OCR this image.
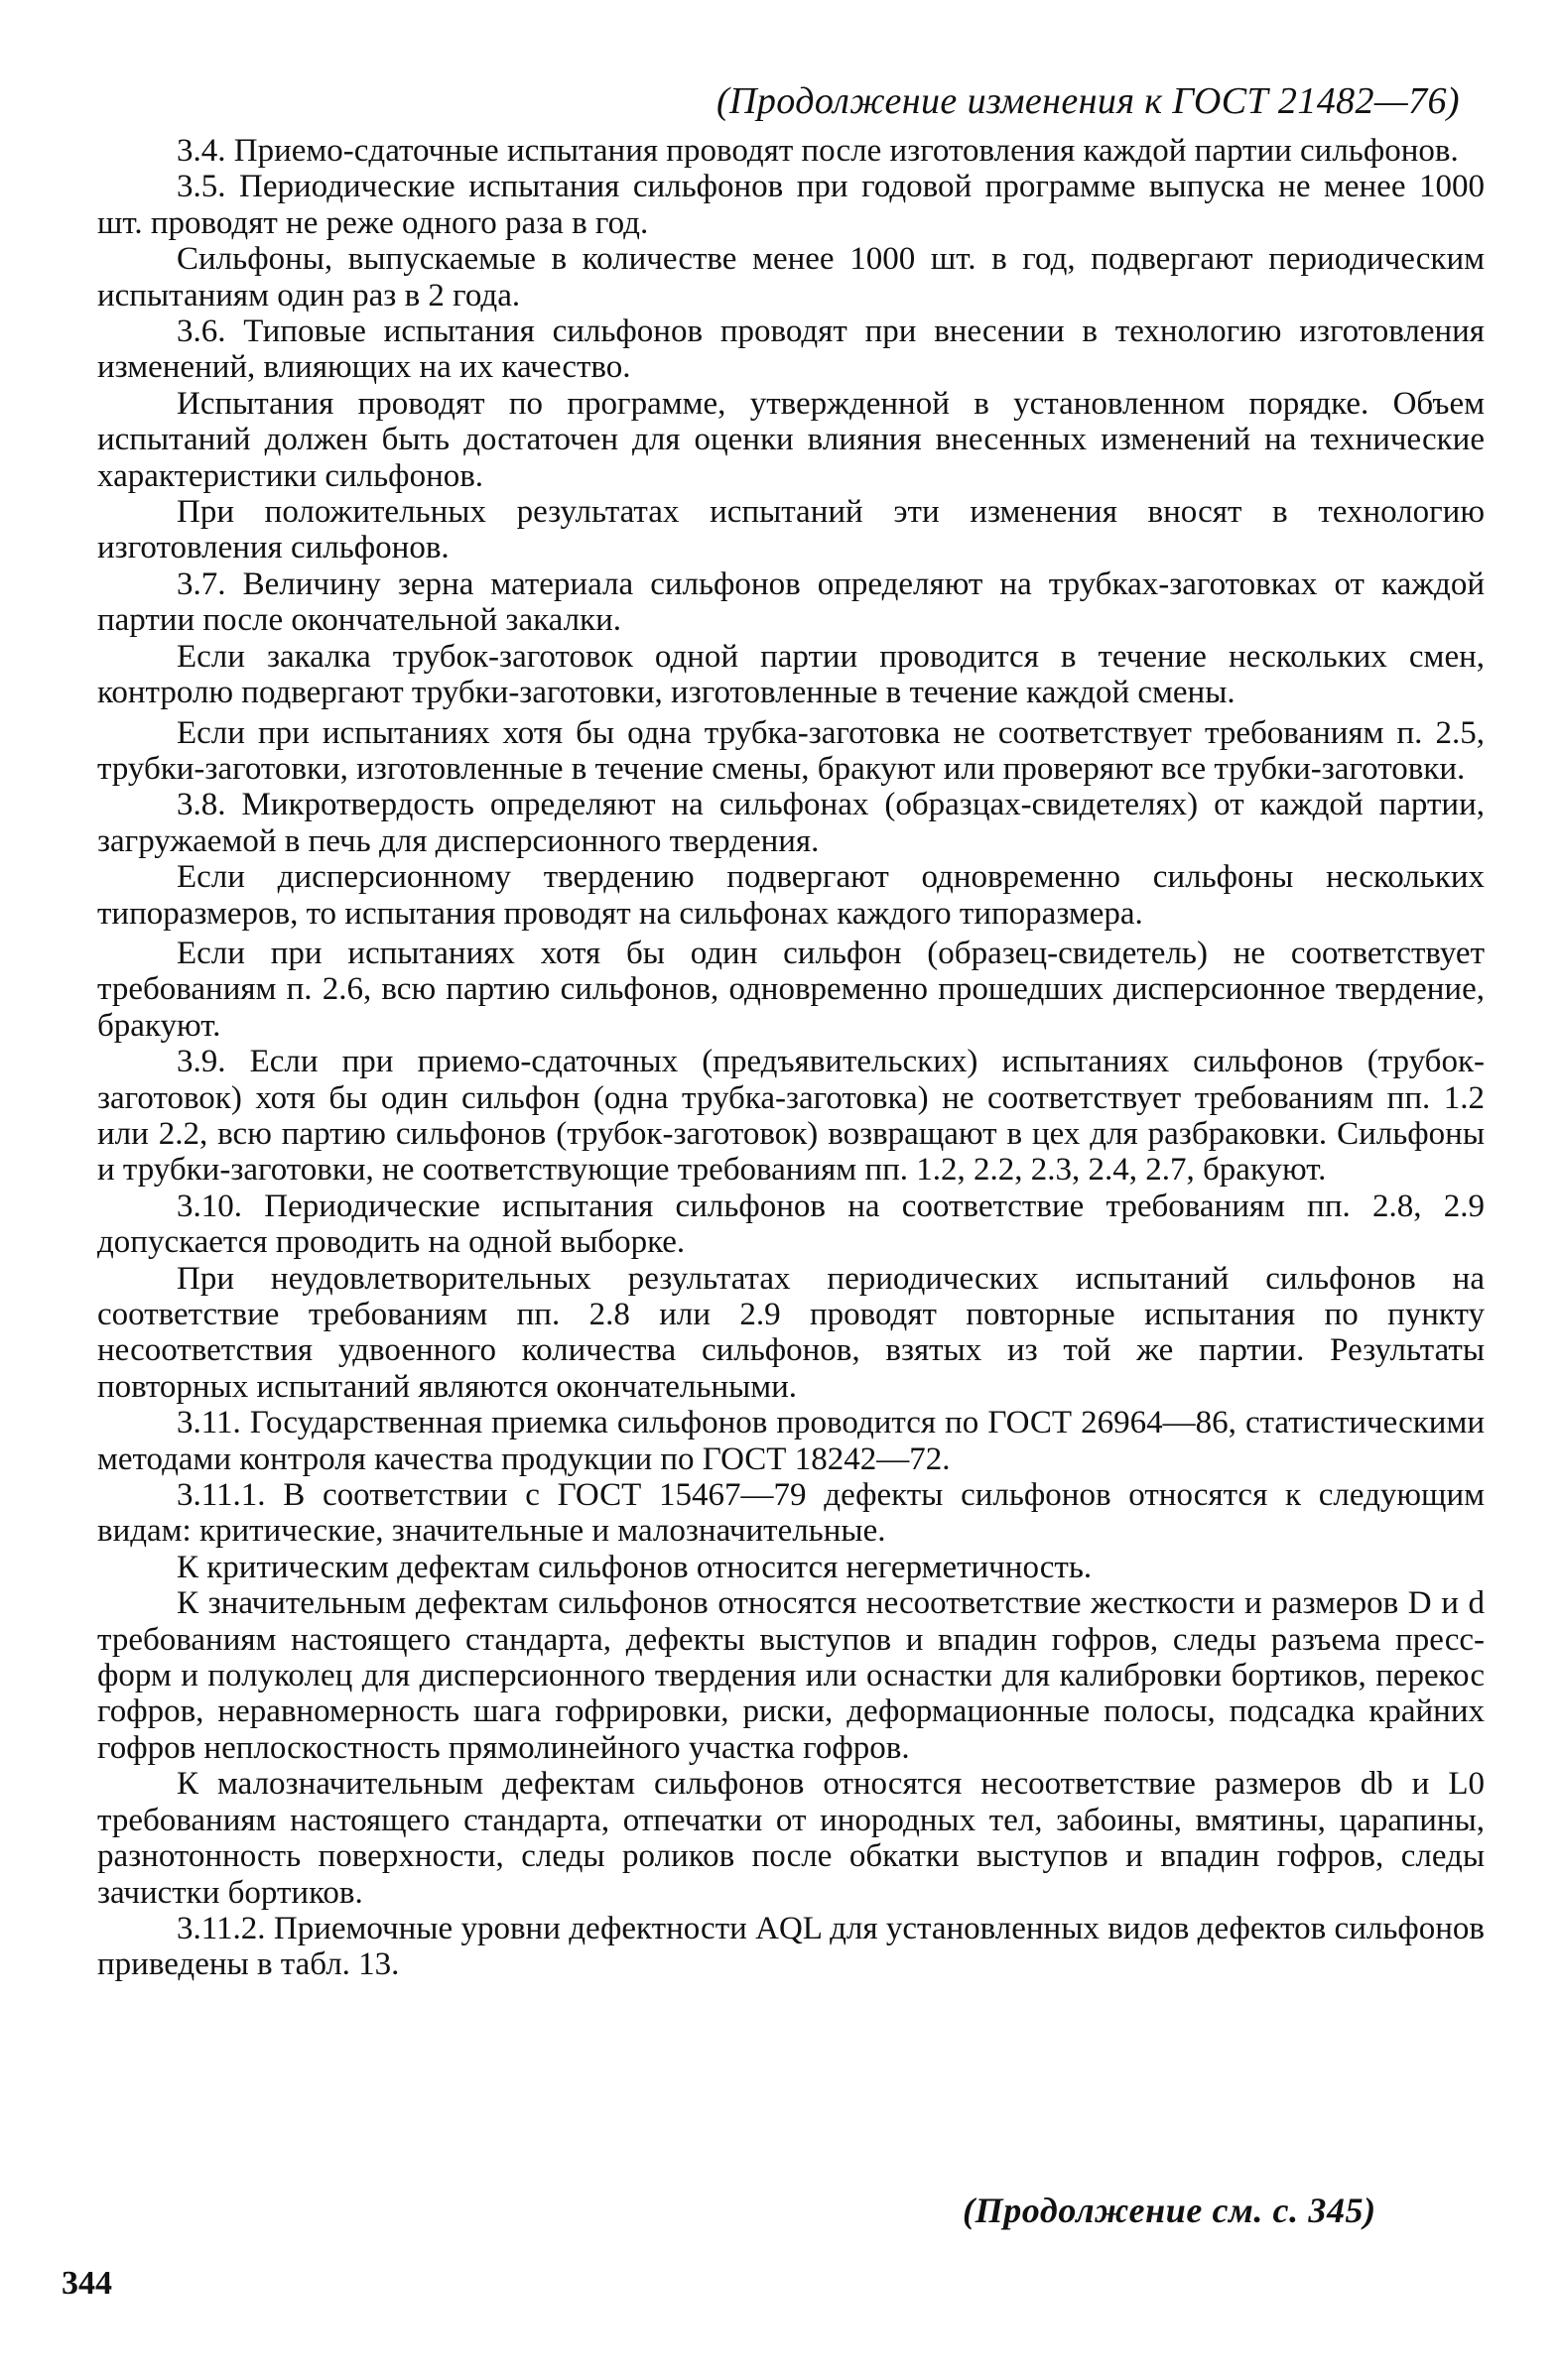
(Продолжение изменения к ГОСТ 21482—76)

3.4. Приемо-сдаточные испытания проводят после изготовления каждой партии сильфонов.

3.5. Периодические испытания сильфонов при годовой программе выпуска не менее 1000 шт. проводят не реже одного раза в год.

Сильфоны, выпускаемые в количестве менее 1000 шт. в год, подвергают периодическим испытаниям один раз в 2 года.

3.6. Типовые испытания сильфонов проводят при внесении в технологию изготовления изменений, влияющих на их качество.

Испытания проводят по программе, утвержденной в установленном порядке. Объем испытаний должен быть достаточен для оценки влияния внесенных изменений на технические характеристики сильфонов.

При положительных результатах испытаний эти изменения вносят в технологию изготовления сильфонов.

3.7. Величину зерна материала сильфонов определяют на трубках-заготовках от каждой партии после окончательной закалки.

Если закалка трубок-заготовок одной партии проводится в течение нескольких смен, контролю подвергают трубки-заготовки, изготовленные в течение каждой смены.

Если при испытаниях хотя бы одна трубка-заготовка не соответствует требованиям п. 2.5, трубки-заготовки, изготовленные в течение смены, бракуют или проверяют все трубки-заготовки.

3.8. Микротвердость определяют на сильфонах (образцах-свидетелях) от каждой партии, загружаемой в печь для дисперсионного твердения.

Если дисперсионному твердению подвергают одновременно сильфоны нескольких типоразмеров, то испытания проводят на сильфонах каждого типоразмера.

Если при испытаниях хотя бы один сильфон (образец-свидетель) не соответствует требованиям п. 2.6, всю партию сильфонов, одновременно прошедших дисперсионное твердение, бракуют.

3.9. Если при приемо-сдаточных (предъявительских) испытаниях сильфонов (трубок-заготовок) хотя бы один сильфон (одна трубка-заготовка) не соответствует требованиям пп. 1.2 или 2.2, всю партию сильфонов (трубок-заготовок) возвращают в цех для разбраковки. Сильфоны и трубки-заготовки, не соответствующие требованиям пп. 1.2, 2.2, 2.3, 2.4, 2.7, бракуют.

3.10. Периодические испытания сильфонов на соответствие требованиям пп. 2.8, 2.9 допускается проводить на одной выборке.

При неудовлетворительных результатах периодических испытаний сильфонов на соответствие требованиям пп. 2.8 или 2.9 проводят повторные испытания по пункту несоответствия удвоенного количества сильфонов, взятых из той же партии. Результаты повторных испытаний являются окончательными.

3.11. Государственная приемка сильфонов проводится по ГОСТ 26964—86, статистическими методами контроля качества продукции по ГОСТ 18242—72.

3.11.1. В соответствии с ГОСТ 15467—79 дефекты сильфонов относятся к следующим видам: критические, значительные и малозначительные.

К критическим дефектам сильфонов относится негерметичность.

К значительным дефектам сильфонов относятся несоответствие жесткости и размеров D и d требованиям настоящего стандарта, дефекты выступов и впадин гофров, следы разъема пресс-форм и полуколец для дисперсионного твердения или оснастки для калибровки бортиков, перекос гофров, неравномерность шага гофрировки, риски, деформационные полосы, подсадка крайних гофров неплоскостность прямолинейного участка гофров.

К малозначительным дефектам сильфонов относятся несоответствие размеров db и L0 требованиям настоящего стандарта, отпечатки от инородных тел, забоины, вмятины, царапины, разнотонность поверхности, следы роликов после обкатки выступов и впадин гофров, следы зачистки бортиков.

3.11.2. Приемочные уровни дефектности AQL для установленных видов дефектов сильфонов приведены в табл. 13.

(Продолжение см. с. 345)
344
